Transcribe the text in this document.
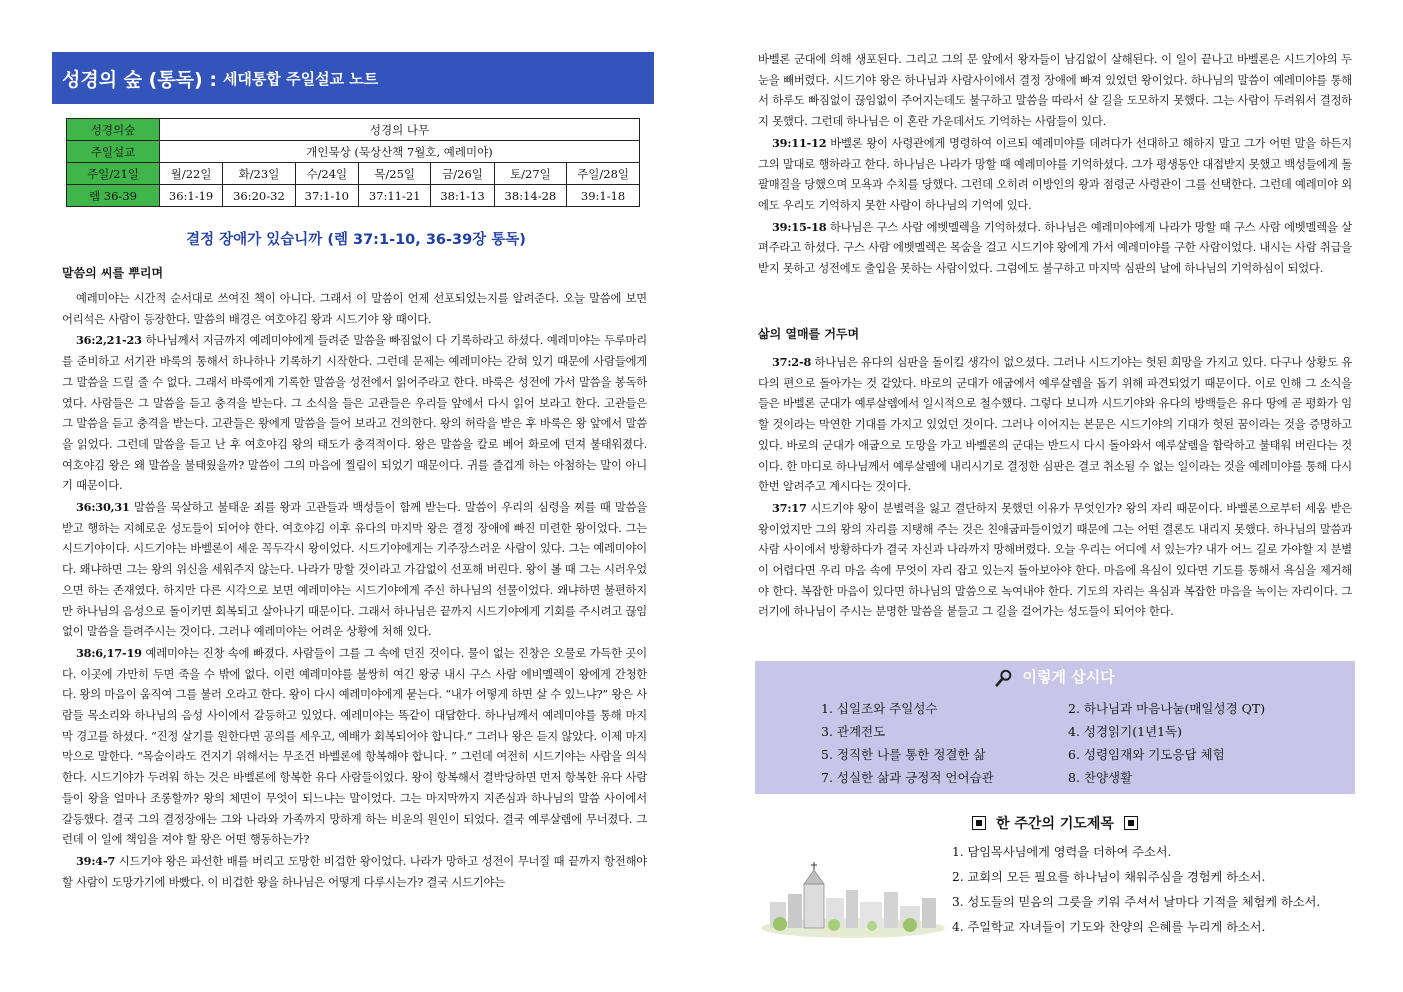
성경의 숲 (통독) : 세대통합 주일설교 노트
성경의숲	성경의 나무						
주일설교	개인묵상 (묵상산책 7월호, 예레미야)						
주일/21일	월/22일	화/23일	수/24일	목/25일	금/26일	토/27일	주일/28일
렘 36-39	36:1-19	36:20-32	37:1-10	37:11-21	38:1-13	38:14-28	39:1-18
결정 장애가 있습니까 (렘 37:1-10, 36-39장 통독)
말씀의 씨를 뿌리며

예레미야는 시간적 순서대로 쓰여진 책이 아니다. 그래서 이 말씀이 언제 선포되었는지를 알려준다. 오늘 말씀에 보면 어리석은 사람이 등장한다. 말씀의 배경은 여호야김 왕과 시드기야 왕 때이다.

36:2,21-23 하나님께서 지금까지 예레미야에게 들려준 말씀을 빠짐없이 다 기록하라고 하셨다. 예레미야는 두루마리를 준비하고 서기관 바룩의 통해서 하나하나 기록하기 시작한다. 그런데 문제는 예레미야는 갇혀 있기 때문에 사람들에게 그 말씀을 드릴 줄 수 없다. 그래서 바룩에게 기록한 말씀을 성전에서 읽어주라고 한다. 바룩은 성전에 가서 말씀을 봉독하였다. 사람들은 그 말씀을 듣고 충격을 받는다. 그 소식을 들은 고관들은 우리들 앞에서 다시 읽어 보라고 한다. 고관들은 그 말씀을 듣고 충격을 받는다. 고관들은 왕에게 말씀을 들어 보라고 건의한다. 왕의 허락을 받은 후 바룩은 왕 앞에서 말씀을 읽었다. 그런데 말씀을 듣고 난 후 여호야김 왕의 태도가 충격적이다. 왕은 말씀을 칼로 베어 화로에 던져 불태워졌다. 여호야김 왕은 왜 말씀을 불태웠을까? 말씀이 그의 마음에 찔림이 되었기 때문이다. 귀를 즐겁게 하는 아첨하는 말이 아니기 때문이다.

36:30,31 말씀을 묵살하고 불태운 죄를 왕과 고관들과 백성들이 함께 받는다. 말씀이 우리의 심령을 찌를 때 말씀을 받고 행하는 지혜로운 성도들이 되어야 한다. 여호야김 이후 유다의 마지막 왕은 결정 장애에 빠진 미련한 왕이었다. 그는 시드기야이다. 시드기야는 바벨론이 세운 꼭두각시 왕이었다. 시드기야에게는 기주장스러운 사람이 있다. 그는 예레미야이다. 왜냐하면 그는 왕의 위신을 세워주지 않는다. 나라가 망할 것이라고 가감없이 선포해 버린다. 왕이 볼 때 그는 시러우었으면 하는 존재였다. 하지만 다른 시각으로 보면 예레미야는 시드기야에게 주신 하나님의 선물이었다. 왜냐하면 불편하지만 하나님의 음성으로 돌이키면 회복되고 살아나기 때문이다. 그래서 하나님은 끝까지 시드기야에게 기회를 주시려고 끊임없이 말씀을 들려주시는 것이다. 그러나 예레미야는 어려운 상황에 처해 있다.

38:6,17-19 예레미야는 진창 속에 빠졌다. 사람들이 그를 그 속에 던진 것이다. 물이 없는 진창은 오물로 가득한 곳이다. 이곳에 가만히 두면 죽을 수 밖에 없다. 이런 예레미야를 불쌍히 여긴 왕궁 내시 구스 사람 에비멜렉이 왕에게 간청한다. 왕의 마음이 움직여 그를 불러 오라고 한다. 왕이 다시 예레미야에게 묻는다. “내가 어떻게 하면 살 수 있느냐?” 왕은 사람들 목소리와 하나님의 음성 사이에서 갈등하고 있었다. 예레미야는 똑같이 대답한다. 하나님께서 예레미야를 통해 마지막 경고를 하셨다. “진정 살기를 원한다면 공의를 세우고, 예배가 회복되어야 합니다.” 그러나 왕은 듣지 않았다. 이제 마지막으로 말한다. “목숨이라도 건지기 위해서는 무조건 바벨론에 항복해야 합니다. ” 그런데 여전히 시드기야는 사람을 의식한다. 시드기야가 두려워 하는 것은 바벨론에 항복한 유다 사람들이었다. 왕이 항복해서 결박당하면 먼저 항복한 유다 사람들이 왕을 얼마나 조롱할까? 왕의 체면이 무엇이 되느냐는 말이었다. 그는 마지막까지 지존심과 하나님의 말씀 사이에서 갈등했다. 결국 그의 결정장애는 그와 나라와 가족까지 망하게 하는 비운의 원인이 되었다. 결국 예루살렘에 무너졌다. 그런데 이 일에 책임을 져야 할 왕은 어떤 행동하는가?

39:4-7 시드기야 왕은 파선한 배를 버리고 도망한 비겁한 왕이었다. 나라가 망하고 성전이 무너질 때 끝까지 항전해야 할 사람이 도망가기에 바빴다. 이 비겁한 왕을 하나님은 어떻게 다루시는가? 결국 시드기야는

바벨론 군대에 의해 생포된다. 그리고 그의 문 앞에서 왕자들이 남김없이 살해된다. 이 일이 끝나고 바벨론은 시드기야의 두 눈을 빼버렸다. 시드기야 왕은 하나님과 사람사이에서 결정 장애에 빠져 있었던 왕이었다. 하나님의 말씀이 예레미야를 통해서 하루도 빠짐없이 끊임없이 주어지는데도 불구하고 말씀을 따라서 살 길을 도모하지 못했다. 그는 사람이 두려워서 결정하지 못했다. 그런데 하나님은 이 혼란 가운데서도 기억하는 사람들이 있다.

39:11-12 바벨론 왕이 사령관에게 명령하여 이르되 예레미야를 데려다가 선대하고 해하지 말고 그가 어떤 말을 하든지 그의 말대로 행하라고 한다. 하나님은 나라가 망할 때 예레미야를 기억하셨다. 그가 평생동안 대접받지 못했고 백성들에게 돌팔매질을 당했으며 모욕과 수치를 당했다. 그런데 오히려 이방인의 왕과 점령군 사령관이 그를 선택한다. 그런데 예레미야 외에도 우리도 기억하지 못한 사람이 하나님의 기억에 있다.

39:15-18 하나님은 구스 사람 에벳멜렉을 기억하셨다. 하나님은 예레미야에게 나라가 망할 때 구스 사람 에벳멜렉을 살펴주라고 하셨다. 구스 사람 에벳멜렉은 목숨을 걸고 시드기야 왕에게 가서 예레미야를 구한 사람이었다. 내시는 사람 취급을 받지 못하고 성전에도 출입을 못하는 사람이었다. 그럼에도 불구하고 마지막 심판의 날에 하나님의 기억하심이 되었다.

삶의 열매를 거두며

37:2-8 하나님은 유다의 심판을 돌이킬 생각이 없으셨다. 그러나 시드기야는 헛된 희망을 가지고 있다. 다구나 상황도 유다의 편으로 돌아가는 것 같았다. 바로의 군대가 애굽에서 예루살렘을 돕기 위해 파견되었기 때문이다. 이로 인해 그 소식을 들은 바벨론 군대가 예루살렘에서 일시적으로 철수했다. 그렇다 보니까 시드기야와 유다의 방백들은 유다 땅에 곧 평화가 임할 것이라는 막연한 기대를 가지고 있었던 것이다. 그러나 이어지는 본문은 시드기야의 기대가 헛된 꿈이라는 것을 증명하고 있다. 바로의 군대가 애굽으로 도망을 가고 바벨론의 군대는 반드시 다시 돌아와서 예루살렘을 함락하고 불태워 버린다는 것이다. 한 마디로 하나님께서 예루살렘에 내리시기로 결정한 심판은 결코 취소될 수 없는 일이라는 것을 예레미야를 통해 다시 한번 알려주고 계시다는 것이다.

37:17 시드기야 왕이 분별력을 잃고 결단하지 못했던 이유가 무엇인가? 왕의 자리 때문이다. 바벨론으로부터 세움 받은 왕이었지만 그의 왕의 자리를 지탱해 주는 것은 친애굽파들이었기 때문에 그는 어떤 결론도 내리지 못했다. 하나님의 말씀과 사람 사이에서 방황하다가 결국 자신과 나라까지 망해버렸다. 오늘 우리는 어디에 서 있는가? 내가 어느 길로 가야할 지 분별이 어렵다면 우리 마음 속에 무엇이 자리 잡고 있는지 돌아보아야 한다. 마음에 욕심이 있다면 기도를 통해서 욕심을 제거해야 한다. 복잡한 마음이 있다면 하나님의 말씀으로 녹여내야 한다. 기도의 자리는 욕심과 복잡한 마음을 녹이는 자리이다. 그러기에 하나님이 주시는 분명한 말씀을 붙들고 그 길을 걸어가는 성도들이 되어야 한다.

이렇게 삽시다
1. 십일조와 주일성수
3. 관계전도
5. 정직한 나를 통한 정결한 삶
7. 성실한 삶과 긍정적 언어습관
2. 하나님과 마음나눔(매일성경 QT)
4. 성경읽기(1년1독)
6. 성령임재와 기도응답 체험
8. 찬양생활
한 주간의 기도제목
1. 담임목사님에게 영력을 더하여 주소서.
2. 교회의 모든 필요를 하나님이 채워주심을 경험케 하소서.
3. 성도들의 믿음의 그릇을 키워 주셔서 날마다 기적을 체험케 하소서.
4. 주일학교 자녀들이 기도와 찬양의 은혜를 누리게 하소서.
